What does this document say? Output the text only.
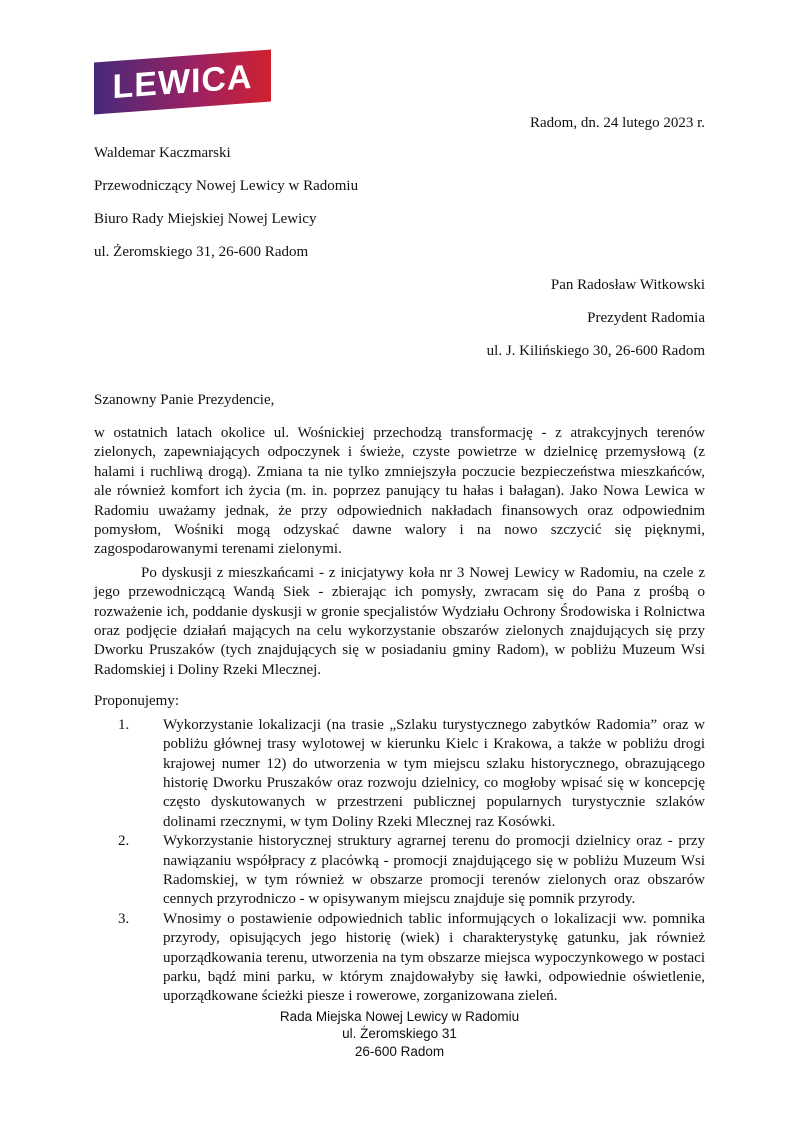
LEWICA
Radom, dn. 24 lutego 2023 r.
Waldemar Kaczmarski
Przewodniczący Nowej Lewicy w Radomiu
Biuro Rady Miejskiej Nowej Lewicy
ul. Żeromskiego 31, 26-600 Radom
Pan Radosław Witkowski
Prezydent Radomia
ul. J. Kilińskiego 30, 26-600 Radom
Szanowny Panie Prezydencie,
w ostatnich latach okolice ul. Wośnickiej przechodzą transformację - z atrakcyjnych terenów zielonych, zapewniających odpoczynek i świeże, czyste powietrze w dzielnicę przemysłową (z halami i ruchliwą drogą). Zmiana ta nie tylko zmniejszyła poczucie bezpieczeństwa mieszkańców, ale również komfort ich życia (m. in. poprzez panujący tu hałas i bałagan). Jako Nowa Lewica w Radomiu uważamy jednak, że przy odpowiednich nakładach finansowych oraz odpowiednim pomysłom, Wośniki mogą odzyskać dawne walory i na nowo szczycić się pięknymi, zagospodarowanymi terenami zielonymi.
Po dyskusji z mieszkańcami - z inicjatywy koła nr 3 Nowej Lewicy w Radomiu, na czele z jego przewodniczącą Wandą Siek - zbierając ich pomysły, zwracam się do Pana z prośbą o rozważenie ich, poddanie dyskusji w gronie specjalistów Wydziału Ochrony Środowiska i Rolnictwa oraz podjęcie działań mających na celu wykorzystanie obszarów zielonych znajdujących się przy Dworku Pruszaków (tych znajdujących się w posiadaniu gminy Radom), w pobliżu Muzeum Wsi Radomskiej i Doliny Rzeki Mlecznej.
Proponujemy:
1.	Wykorzystanie lokalizacji (na trasie „Szlaku turystycznego zabytków Radomia” oraz w pobliżu głównej trasy wylotowej w kierunku Kielc i Krakowa, a także w pobliżu drogi krajowej numer 12) do utworzenia w tym miejscu szlaku historycznego, obrazującego historię Dworku Pruszaków oraz rozwoju dzielnicy, co mogłoby wpisać się w koncepcję często dyskutowanych w przestrzeni publicznej popularnych turystycznie szlaków dolinami rzecznymi, w tym Doliny Rzeki Mlecznej raz Kosówki.
2.	Wykorzystanie historycznej struktury agrarnej terenu do promocji dzielnicy oraz - przy nawiązaniu współpracy z placówką - promocji znajdującego się w pobliżu Muzeum Wsi Radomskiej, w tym również w obszarze promocji terenów zielonych oraz obszarów cennych przyrodniczo - w opisywanym miejscu znajduje się pomnik przyrody.
3.	Wnosimy o postawienie odpowiednich tablic informujących o lokalizacji ww. pomnika przyrody, opisujących jego historię (wiek) i charakterystykę gatunku, jak również uporządkowania terenu, utworzenia na tym obszarze miejsca wypoczynkowego w postaci parku, bądź mini parku, w którym znajdowałyby się ławki, odpowiednie oświetlenie, uporządkowane ścieżki piesze i rowerowe, zorganizowana zieleń.
Rada Miejska Nowej Lewicy w Radomiu
ul. Żeromskiego 31
26-600 Radom
